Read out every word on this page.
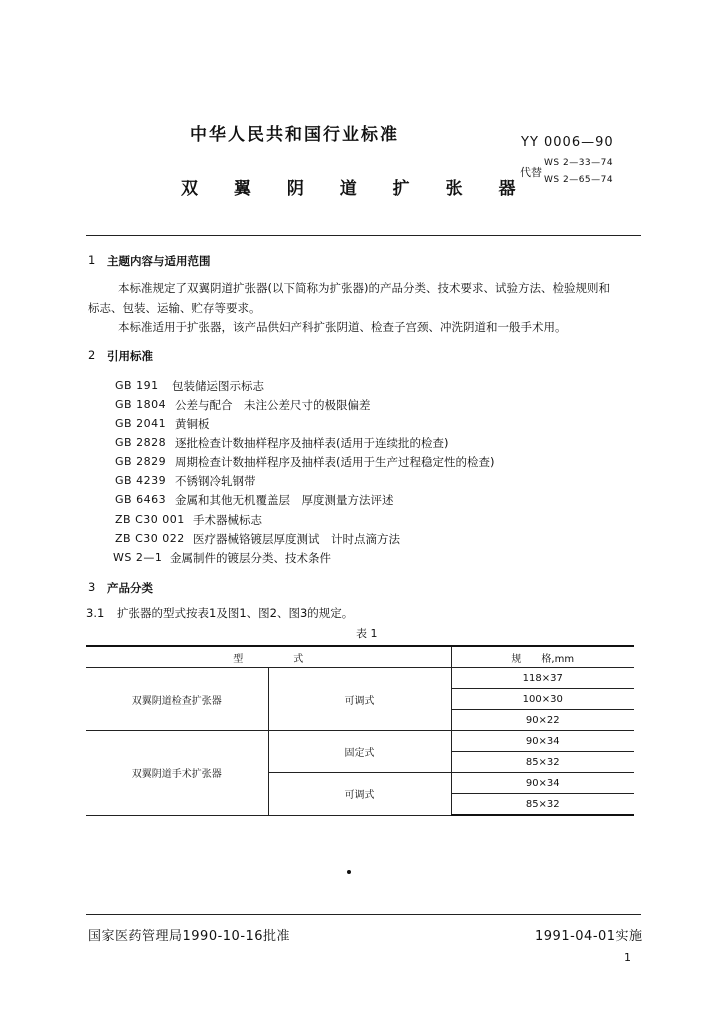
中华人民共和国行业标准	YY 0006—90
代替
WS 2—33—74
WS 2—65—74
双 翼 阴 道 扩 张 器
1 主题内容与适用范围
本标准规定了双翼阴道扩张器(以下简称为扩张器)的产品分类、技术要求、试验方法、检验规则和
标志、包装、运输、贮存等要求。
本标准适用于扩张器，该产品供妇产科扩张阴道、检查子宫颈、冲洗阴道和一般手术用。
2 引用标准
GB 191 包装储运图示标志
GB 1804 公差与配合　未注公差尺寸的极限偏差
GB 2041 黄铜板
GB 2828 逐批检查计数抽样程序及抽样表(适用于连续批的检查)
GB 2829 周期检查计数抽样程序及抽样表(适用于生产过程稳定性的检查)
GB 4239 不锈钢冷轧钢带
GB 6463 金属和其他无机覆盖层　厚度测量方法评述
ZB C30 001 手术器械标志
ZB C30 022 医疗器械铬镀层厚度测试　计时点滴方法
WS 2—1 金属制件的镀层分类、技术条件
3 产品分类
3.1 扩张器的型式按表1及图1、图2、图3的规定。
表 1
型　　　　　式		规　　格,mm
双翼阴道检查扩张器	可调式	118×37
		100×30
		90×22
双翼阴道手术扩张器	固定式	90×34
		85×32
	可调式	90×34
		85×32
国家医药管理局1990-10-16批准	1991-04-01实施
1
